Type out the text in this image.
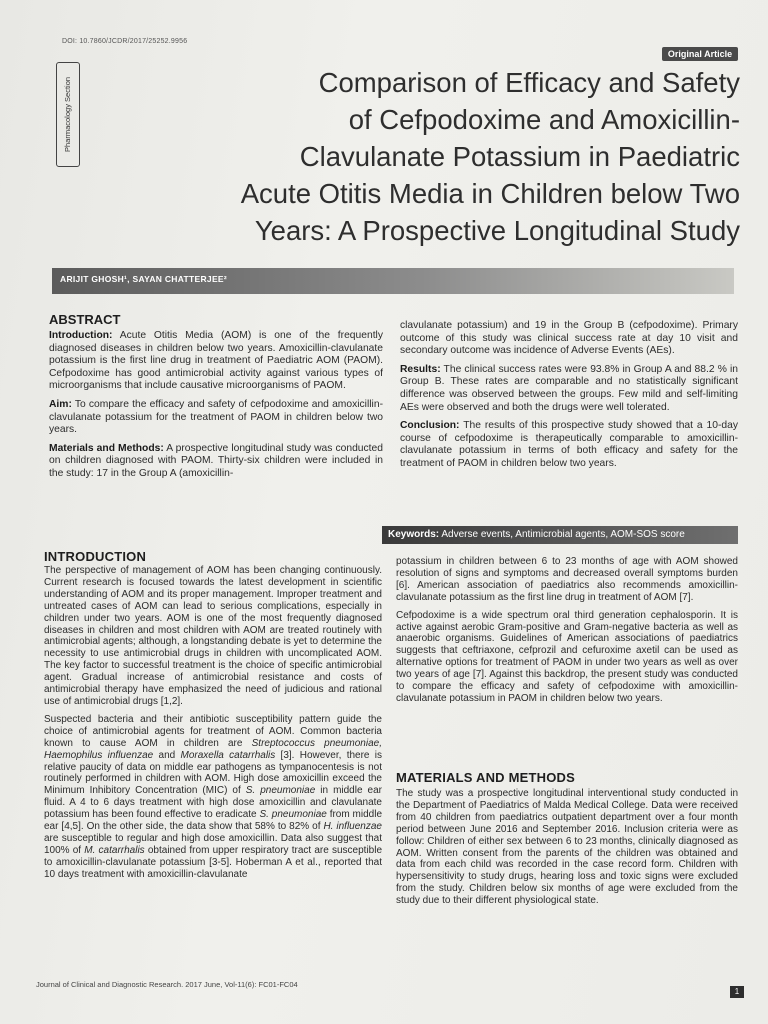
DOI: 10.7860/JCDR/2017/25252.9956
Original Article
Pharmacology Section	Comparison of Efficacy and Safety
of Cefpodoxime and Amoxicillin-
Clavulanate Potassium in Paediatric
Acute Otitis Media in Children below Two
Years: A Prospective Longitudinal Study
ARIJIT GHOSH¹, SAYAN CHATTERJEE²
ABSTRACT

Introduction: Acute Otitis Media (AOM) is one of the frequently diagnosed diseases in children below two years. Amoxicillin-clavulanate potassium is the first line drug in treatment of Paediatric AOM (PAOM). Cefpodoxime has good antimicrobial activity against various types of microorganisms that include causative microorganisms of PAOM.

Aim: To compare the efficacy and safety of cefpodoxime and amoxicillin-clavulanate potassium for the treatment of PAOM in children below two years.

Materials and Methods: A prospective longitudinal study was conducted on children diagnosed with PAOM. Thirty-six children were included in the study: 17 in the Group A (amoxicillin-

clavulanate potassium) and 19 in the Group B (cefpodoxime). Primary outcome of this study was clinical success rate at day 10 visit and secondary outcome was incidence of Adverse Events (AEs).

Results: The clinical success rates were 93.8% in Group A and 88.2 % in Group B. These rates are comparable and no statistically significant difference was observed between the groups. Few mild and self-limiting AEs were observed and both the drugs were well tolerated.

Conclusion: The results of this prospective study showed that a 10-day course of cefpodoxime is therapeutically comparable to amoxicillin-clavulanate potassium in terms of both efficacy and safety for the treatment of PAOM in children below two years.

Keywords: Adverse events, Antimicrobial agents, AOM-SOS score
INTRODUCTION

The perspective of management of AOM has been changing continuously. Current research is focused towards the latest development in scientific understanding of AOM and its proper management. Improper treatment and untreated cases of AOM can lead to serious complications, especially in children under two years. AOM is one of the most frequently diagnosed diseases in children and most children with AOM are treated routinely with antimicrobial agents; although, a longstanding debate is yet to determine the necessity to use antimicrobial drugs in children with uncomplicated AOM. The key factor to successful treatment is the choice of specific antimicrobial agent. Gradual increase of antimicrobial resistance and costs of antimicrobial therapy have emphasized the need of judicious and rational use of antimicrobial drugs [1,2].

Suspected bacteria and their antibiotic susceptibility pattern guide the choice of antimicrobial agents for treatment of AOM. Common bacteria known to cause AOM in children are Streptococcus pneumoniae, Haemophilus influenzae and Moraxella catarrhalis [3]. However, there is relative paucity of data on middle ear pathogens as tympanocentesis is not routinely performed in children with AOM. High dose amoxicillin exceed the Minimum Inhibitory Concentration (MIC) of S. pneumoniae in middle ear fluid. A 4 to 6 days treatment with high dose amoxicillin and clavulanate potassium has been found effective to eradicate S. pneumoniae from middle ear [4,5]. On the other side, the data show that 58% to 82% of H. influenzae are susceptible to regular and high dose amoxicillin. Data also suggest that 100% of M. catarrhalis obtained from upper respiratory tract are susceptible to amoxicillin-clavulanate potassium [3-5]. Hoberman A et al., reported that 10 days treatment with amoxicillin-clavulanate

potassium in children between 6 to 23 months of age with AOM showed resolution of signs and symptoms and decreased overall symptoms burden [6]. American association of paediatrics also recommends amoxicillin-clavulanate potassium as the first line drug in treatment of AOM [7].

Cefpodoxime is a wide spectrum oral third generation cephalosporin. It is active against aerobic Gram-positive and Gram-negative bacteria as well as anaerobic organisms. Guidelines of American associations of paediatrics suggests that ceftriaxone, cefprozil and cefuroxime axetil can be used as alternative options for treatment of PAOM in under two years as well as over two years of age [7]. Against this backdrop, the present study was conducted to compare the efficacy and safety of cefpodoxime with amoxicillin-clavulanate potassium in PAOM in children below two years.

MATERIALS AND METHODS

The study was a prospective longitudinal interventional study conducted in the Department of Paediatrics of Malda Medical College. Data were received from 40 children from paediatrics outpatient department over a four month period between June 2016 and September 2016. Inclusion criteria were as follow: Children of either sex between 6 to 23 months, clinically diagnosed as AOM. Written consent from the parents of the children was obtained and data from each child was recorded in the case record form. Children with hypersensitivity to study drugs, hearing loss and toxic signs were excluded from the study. Children below six months of age were excluded from the study due to their different physiological state.

Journal of Clinical and Diagnostic Research. 2017 June, Vol-11(6): FC01-FC04
1
